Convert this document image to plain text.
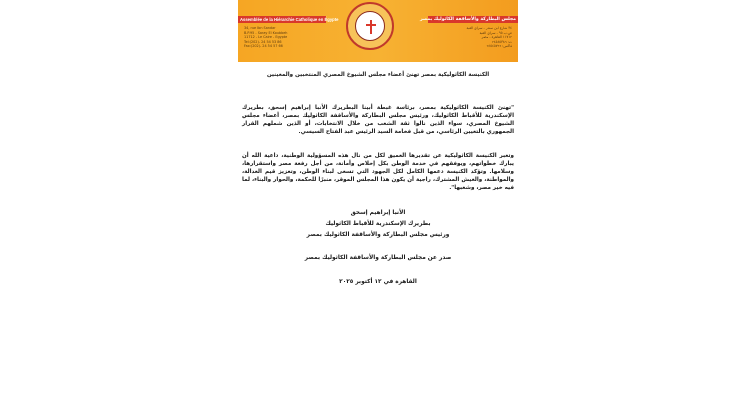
Assemblée de la Hiérarchie Catholique en Égypte
34, rue Ibn Sandar
B.P.95 - Saray El Koubbeh
11712 - Le Caire - Egypte
Tel:(202)- 24 54 53 86
Fax:(202)- 24 54 57 66
مجلس البطاركة والأساقفة الكاثوليك بمصر
٣٤ شارع ابن سندر - سراي القبة
ص.ب ٩٥ - سراي القبة
١١٧١٢ القاهرة - مصر
ت: ٢٤٥٤٥٣٨٦
فاكس: ٢٤٥٤٥٧٦٦
الكنيسة الكاثوليكية بمصر تهنئ أعضاء مجلس الشيوخ المصري المنتخبين والمعينين

"تهنئ الكنيسة الكاثوليكية بمصر، برئاسة غبطة أبينا البطريرك الأنبا إبراهيم إسحق، بطريرك الإسكندرية للأقباط الكاثوليك، ورئيس مجلس البطاركة والأساقفة الكاثوليك بمصر، أعضاء مجلس الشيوخ المصري، سواء الذين نالوا ثقة الشعب من خلال الانتخابات، أو الذين شملهم القرار الجمهوري بالتعيين الرئاسي، من قبل فخامة السيد الرئيس عبد الفتاح السيسي.

وتعبر الكنيسة الكاثوليكية عن تقديرها العميق لكل من نال هذه المسؤولية الوطنية، داعية الله أن يبارك خطواتهم، ويوفقهم في خدمة الوطن بكل إخلاص وأمانة، من أجل رفعة مصر واستقرارها، وسلامها. وتؤكد الكنيسة دعمها الكامل لكل الجهود التي تسعى لبناء الوطن، وتعزيز قيم العدالة، والمواطنة، والعيش المشترك، راجية أن يكون هذا المجلس الموقر، منبرًا للحكمة، والحوار والبناء، لما فيه خير مصر، وشعبها".

الأنبا إبراهيم إسحق
بطريرك الإسكندرية للأقباط الكاثوليك
ورئيس مجلس البطاركة والأساقفة الكاثوليك بمصر
صدر عن مجلس البطاركة والأساقفة الكاثوليك بمصر
القاهرة في ١٢ أكتوبر ٢٠٢٥
